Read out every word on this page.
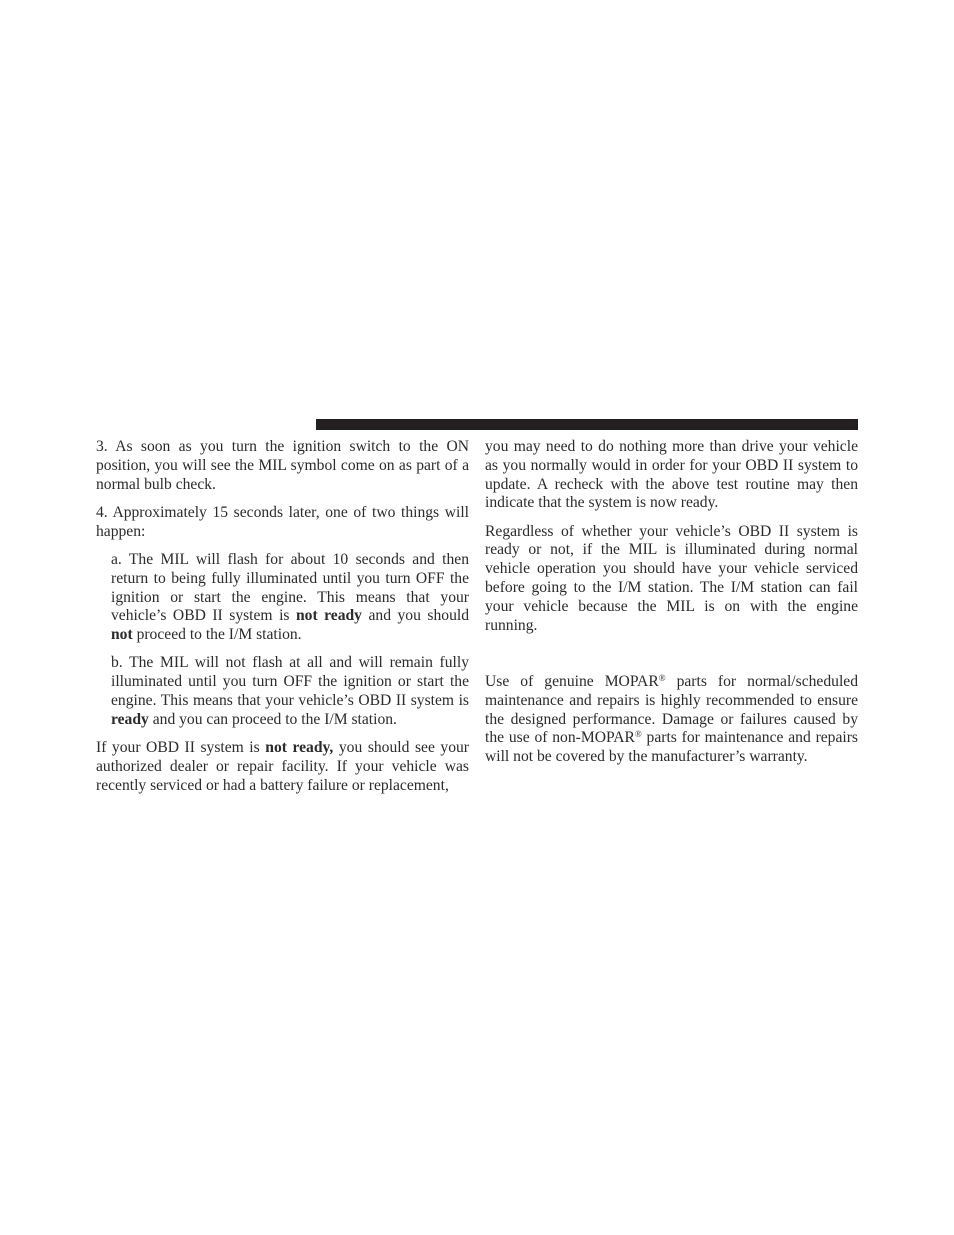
3. As soon as you turn the ignition switch to the ON position, you will see the MIL symbol come on as part of a normal bulb check.

4. Approximately 15 seconds later, one of two things will happen:

a. The MIL will flash for about 10 seconds and then return to being fully illuminated until you turn OFF the ignition or start the engine. This means that your vehicle’s OBD II system is not ready and you should not proceed to the I/M station.

b. The MIL will not flash at all and will remain fully illuminated until you turn OFF the ignition or start the engine. This means that your vehicle’s OBD II system is ready and you can proceed to the I/M station.

If your OBD II system is not ready, you should see your authorized dealer or repair facility. If your vehicle was recently serviced or had a battery failure or replacement,

you may need to do nothing more than drive your vehicle as you normally would in order for your OBD II system to update. A recheck with the above test routine may then indicate that the system is now ready.

Regardless of whether your vehicle’s OBD II system is ready or not, if the MIL is illuminated during normal vehicle operation you should have your vehicle serviced before going to the I/M station. The I/M station can fail your vehicle because the MIL is on with the engine running.

Use of genuine MOPAR® parts for normal/scheduled maintenance and repairs is highly recommended to ensure the designed performance. Damage or failures caused by the use of non-MOPAR® parts for maintenance and repairs will not be covered by the manufacturer’s warranty.
